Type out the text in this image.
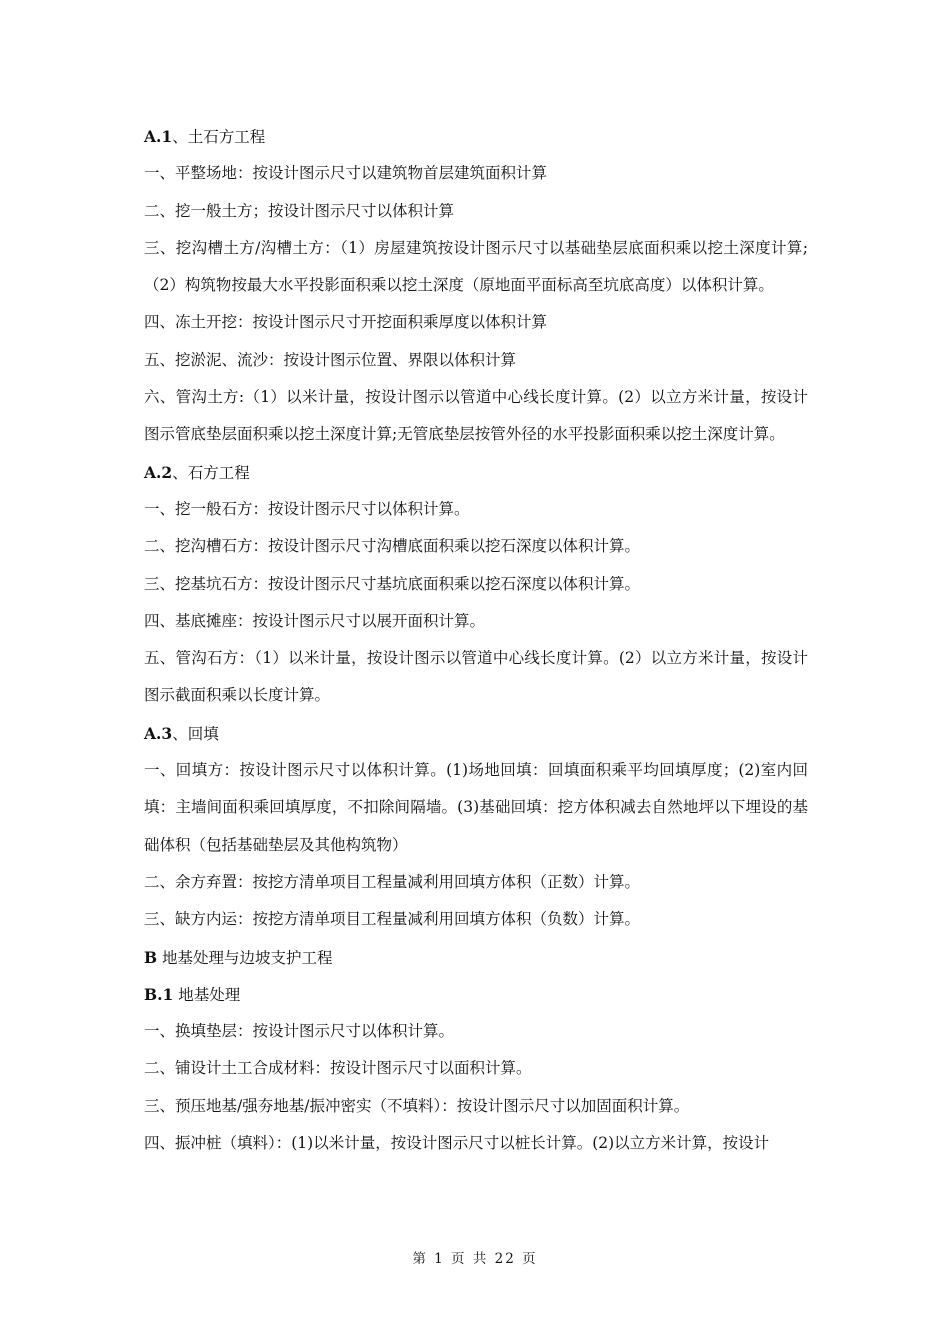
A.1、土石方工程
一、平整场地：按设计图示尺寸以建筑物首层建筑面积计算
二、挖一般土方；按设计图示尺寸以体积计算
三、挖沟槽土方/沟槽土方：（1）房屋建筑按设计图示尺寸以基础垫层底面积乘以挖土深度计算;（2）构筑物按最大水平投影面积乘以挖土深度（原地面平面标高至坑底高度）以体积计算。
四、冻土开挖：按设计图示尺寸开挖面积乘厚度以体积计算
五、挖淤泥、流沙：按设计图示位置、界限以体积计算
六、管沟土方:（1）以米计量，按设计图示以管道中心线长度计算。(2）以立方米计量，按设计图示管底垫层面积乘以挖土深度计算;无管底垫层按管外径的水平投影面积乘以挖土深度计算。
A.2、石方工程
一、挖一般石方：按设计图示尺寸以体积计算。
二、挖沟槽石方：按设计图示尺寸沟槽底面积乘以挖石深度以体积计算。
三、挖基坑石方：按设计图示尺寸基坑底面积乘以挖石深度以体积计算。
四、基底摊座：按设计图示尺寸以展开面积计算。
五、管沟石方：（1）以米计量，按设计图示以管道中心线长度计算。(2）以立方米计量，按设计图示截面积乘以长度计算。
A.3、回填
一、回填方：按设计图示尺寸以体积计算。(1)场地回填：回填面积乘平均回填厚度；(2)室内回填：主墙间面积乘回填厚度，不扣除间隔墙。(3)基础回填：挖方体积减去自然地坪以下埋设的基础体积（包括基础垫层及其他构筑物）
二、余方弃置：按挖方清单项目工程量减利用回填方体积（正数）计算。
三、缺方内运：按挖方清单项目工程量减利用回填方体积（负数）计算。
B 地基处理与边坡支护工程
B.1 地基处理
一、换填垫层：按设计图示尺寸以体积计算。
二、铺设计土工合成材料：按设计图示尺寸以面积计算。
三、预压地基/强夯地基/振冲密实（不填料）：按设计图示尺寸以加固面积计算。
四、振冲桩（填料）：(1)以米计量，按设计图示尺寸以桩长计算。(2)以立方米计算，按设计
第 1 页 共 22 页
